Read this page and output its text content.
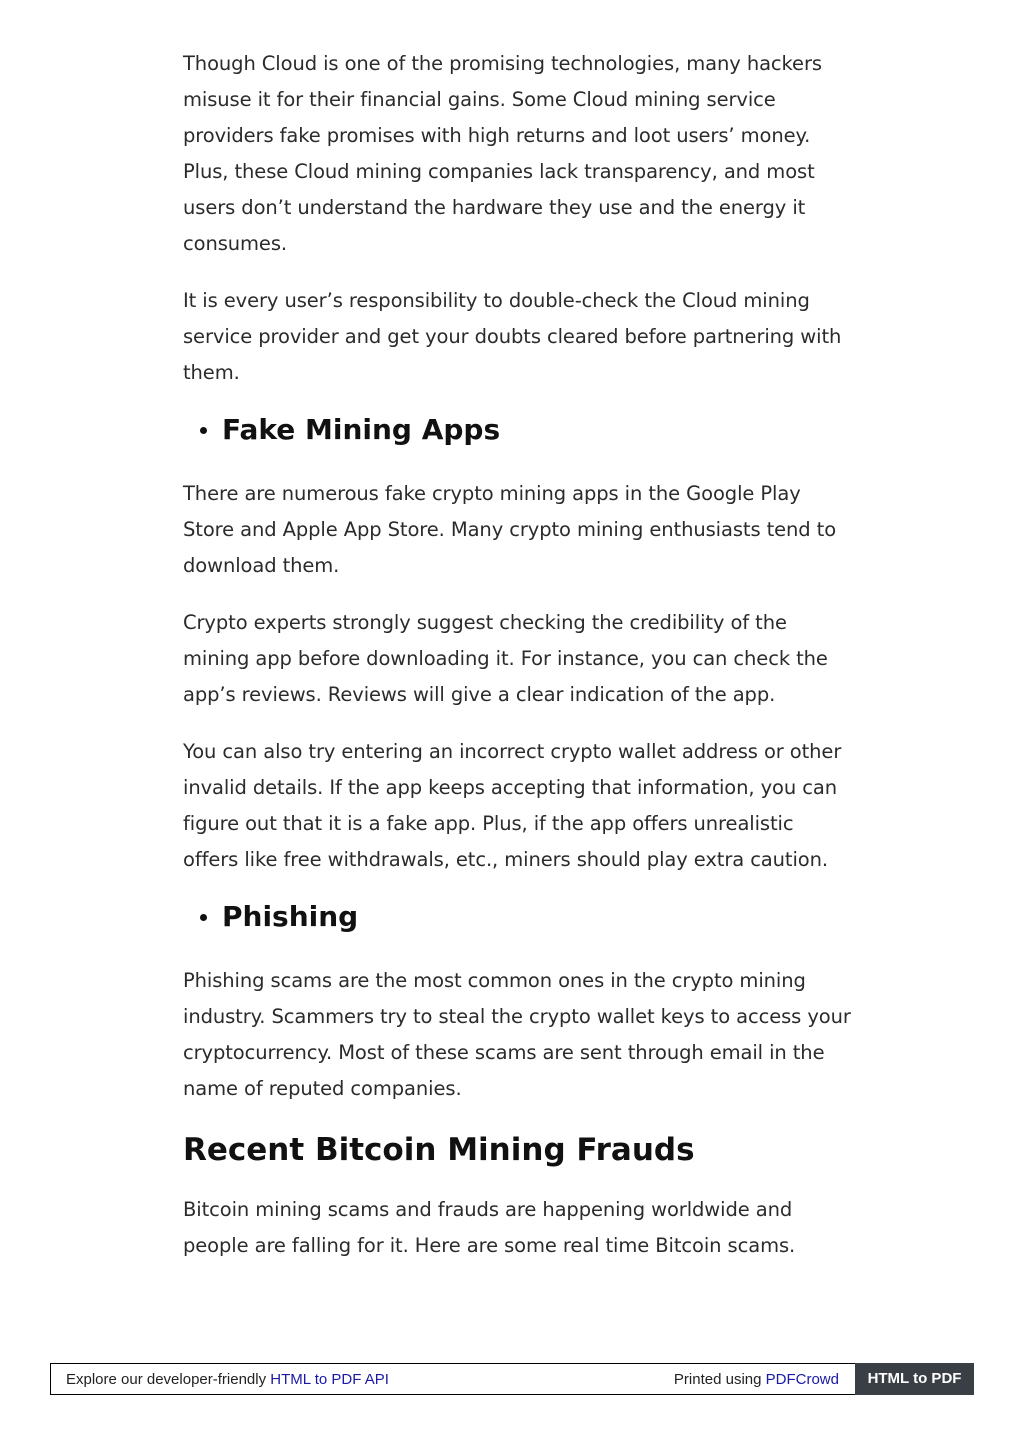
Though Cloud is one of the promising technologies, many hackers misuse it for their financial gains. Some Cloud mining service providers fake promises with high returns and loot users’ money. Plus, these Cloud mining companies lack transparency, and most users don’t understand the hardware they use and the energy it consumes.

It is every user’s responsibility to double-check the Cloud mining service provider and get your doubts cleared before partnering with them.

Fake Mining Apps

There are numerous fake crypto mining apps in the Google Play Store and Apple App Store. Many crypto mining enthusiasts tend to download them.

Crypto experts strongly suggest checking the credibility of the mining app before downloading it. For instance, you can check the app’s reviews. Reviews will give a clear indication of the app.

You can also try entering an incorrect crypto wallet address or other invalid details. If the app keeps accepting that information, you can figure out that it is a fake app. Plus, if the app offers unrealistic offers like free withdrawals, etc., miners should play extra caution.

Phishing

Phishing scams are the most common ones in the crypto mining industry. Scammers try to steal the crypto wallet keys to access your cryptocurrency. Most of these scams are sent through email in the name of reputed companies.

Recent Bitcoin Mining Frauds

Bitcoin mining scams and frauds are happening worldwide and people are falling for it. Here are some real time Bitcoin scams.

Explore our developer-friendly HTML to PDF API	Printed using PDFCrowd	HTML to PDF
